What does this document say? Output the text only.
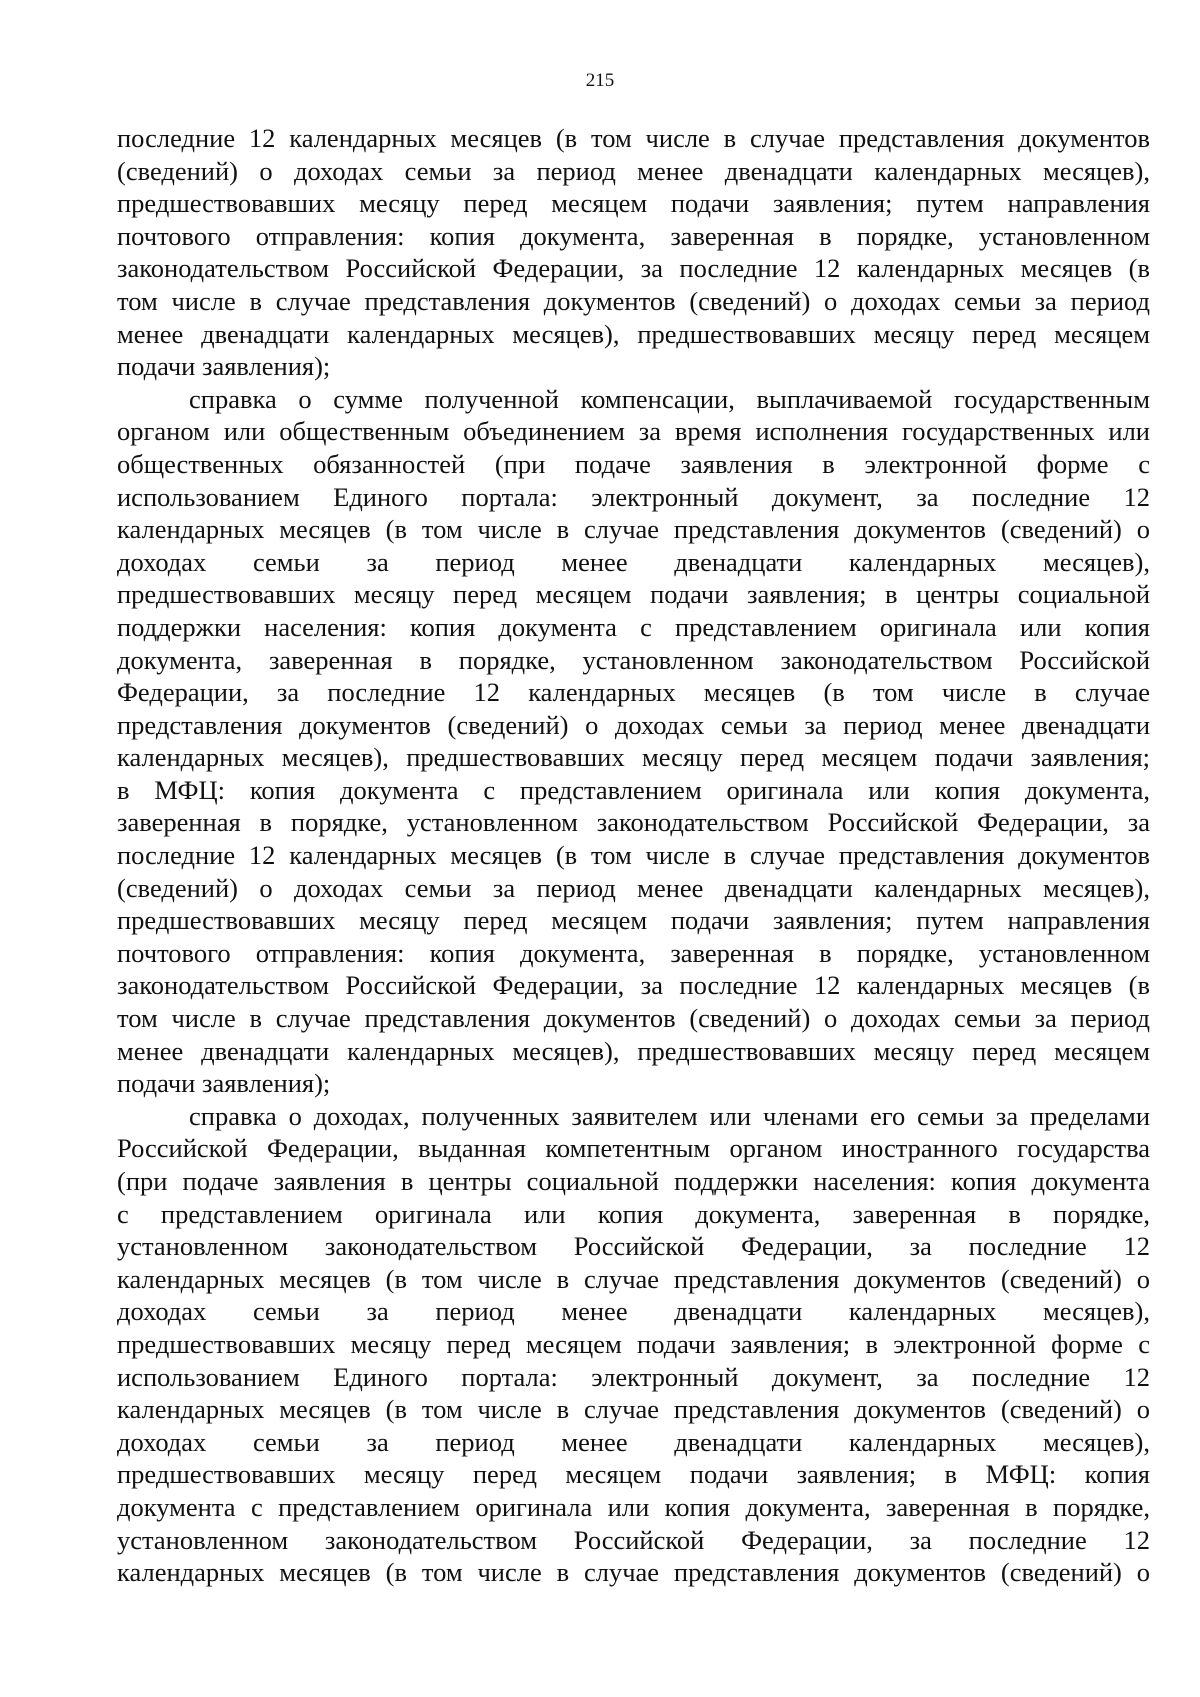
215
последние 12 календарных месяцев (в том числе в случае представления документов
(сведений) о доходах семьи за период менее двенадцати календарных месяцев),
предшествовавших месяцу перед месяцем подачи заявления; путем направления
почтового отправления: копия документа, заверенная в порядке, установленном
законодательством Российской Федерации, за последние 12 календарных месяцев (в
том числе в случае представления документов (сведений) о доходах семьи за период
менее двенадцати календарных месяцев), предшествовавших месяцу перед месяцем
подачи заявления);
справка о сумме полученной компенсации, выплачиваемой государственным
органом или общественным объединением за время исполнения государственных или
общественных обязанностей (при подаче заявления в электронной форме с
использованием Единого портала: электронный документ, за последние 12
календарных месяцев (в том числе в случае представления документов (сведений) о
доходах семьи за период менее двенадцати календарных месяцев),
предшествовавших месяцу перед месяцем подачи заявления; в центры социальной
поддержки населения: копия документа с представлением оригинала или копия
документа, заверенная в порядке, установленном законодательством Российской
Федерации, за последние 12 календарных месяцев (в том числе в случае
представления документов (сведений) о доходах семьи за период менее двенадцати
календарных месяцев), предшествовавших месяцу перед месяцем подачи заявления;
в МФЦ: копия документа с представлением оригинала или копия документа,
заверенная в порядке, установленном законодательством Российской Федерации, за
последние 12 календарных месяцев (в том числе в случае представления документов
(сведений) о доходах семьи за период менее двенадцати календарных месяцев),
предшествовавших месяцу перед месяцем подачи заявления; путем направления
почтового отправления: копия документа, заверенная в порядке, установленном
законодательством Российской Федерации, за последние 12 календарных месяцев (в
том числе в случае представления документов (сведений) о доходах семьи за период
менее двенадцати календарных месяцев), предшествовавших месяцу перед месяцем
подачи заявления);
справка о доходах, полученных заявителем или членами его семьи за пределами
Российской Федерации, выданная компетентным органом иностранного государства
(при подаче заявления в центры социальной поддержки населения: копия документа
с представлением оригинала или копия документа, заверенная в порядке,
установленном законодательством Российской Федерации, за последние 12
календарных месяцев (в том числе в случае представления документов (сведений) о
доходах семьи за период менее двенадцати календарных месяцев),
предшествовавших месяцу перед месяцем подачи заявления; в электронной форме с
использованием Единого портала: электронный документ, за последние 12
календарных месяцев (в том числе в случае представления документов (сведений) о
доходах семьи за период менее двенадцати календарных месяцев),
предшествовавших месяцу перед месяцем подачи заявления; в МФЦ: копия
документа с представлением оригинала или копия документа, заверенная в порядке,
установленном законодательством Российской Федерации, за последние 12
календарных месяцев (в том числе в случае представления документов (сведений) о
